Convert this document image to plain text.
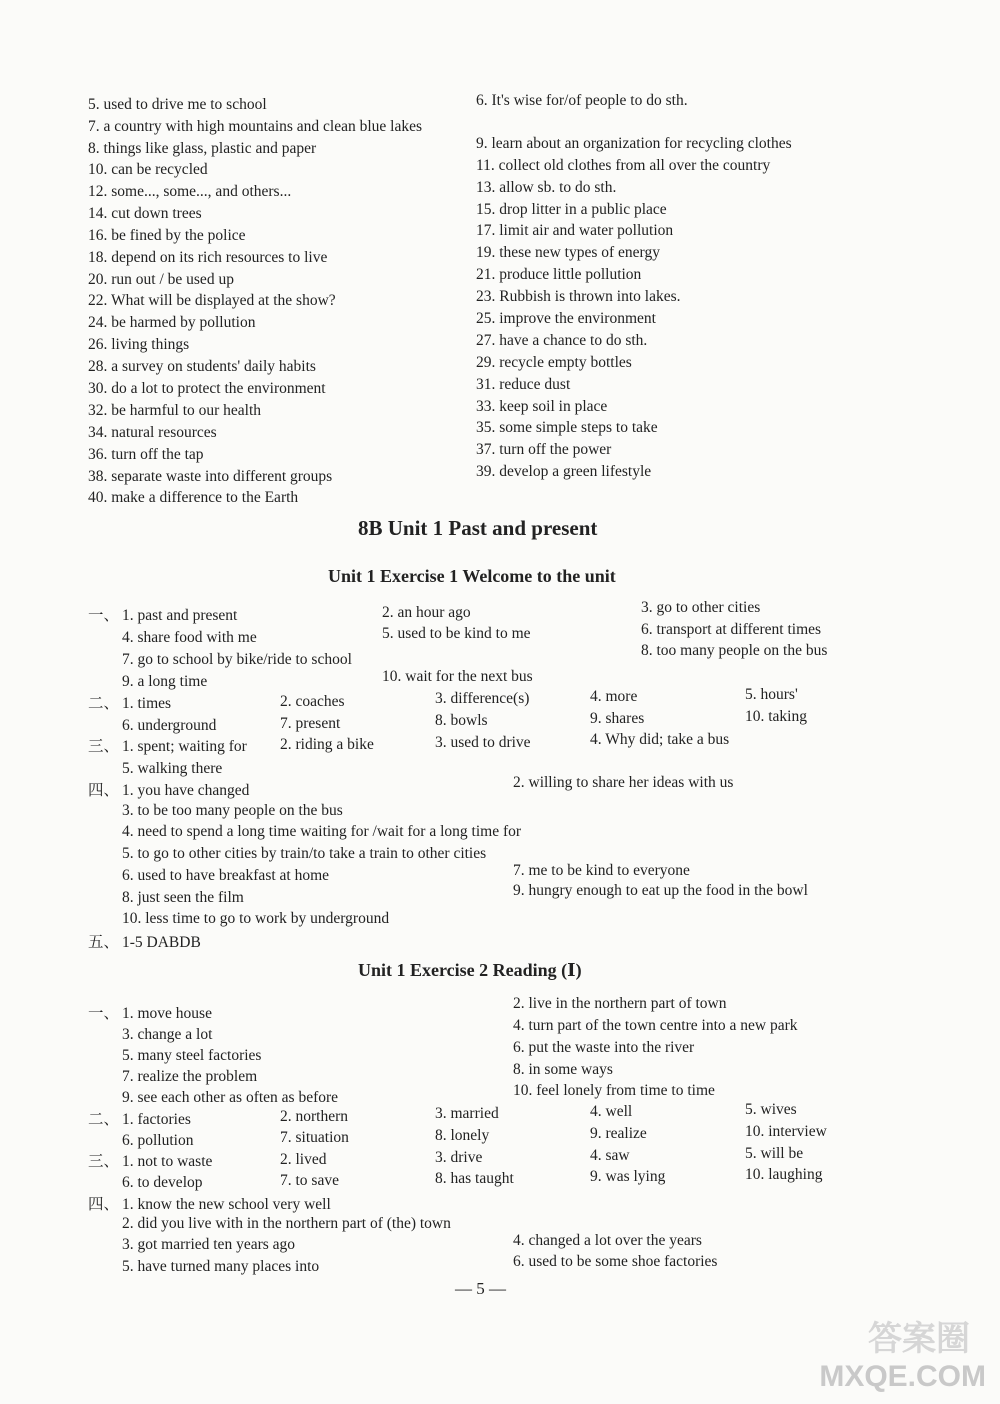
5. used to drive me to school
7. a country with high mountains and clean blue lakes
8. things like glass, plastic and paper
10. can be recycled
12. some..., some..., and others...
14. cut down trees
16. be fined by the police
18. depend on its rich resources to live
20. run out / be used up
22. What will be displayed at the show?
24. be harmed by pollution
26. living things
28. a survey on students' daily habits
30. do a lot to protect the environment
32. be harmful to our health
34. natural resources
36. turn off the tap
38. separate waste into different groups
40. make a difference to the Earth
6. It's wise for/of people to do sth.
9. learn about an organization for recycling clothes
11. collect old clothes from all over the country
13. allow sb. to do sth.
15. drop litter in a public place
17. limit air and water pollution
19. these new types of energy
21. produce little pollution
23. Rubbish is thrown into lakes.
25. improve the environment
27. have a chance to do sth.
29. recycle empty bottles
31. reduce dust
33. keep soil in place
35. some simple steps to take
37. turn off the power
39. develop a green lifestyle
8B Unit 1 Past and present
Unit 1 Exercise 1 Welcome to the unit
一、 1. past and present	2. an hour ago	3. go to other cities
4. share food with me	5. used to be kind to me	6. transport at different times
7. go to school by bike/ride to school
8. too many people on the bus
9. a long time	10. wait for the next bus
二、 1. times	2. coaches	3. difference(s)	4. more	5. hours'
6. underground	7. present	8. bowls	9. shares	10. taking
三、 1. spent; waiting for 2. riding a bike	3. used to drive	4. Why did; take a bus
5. walking there
四、 1. you have changed	2. willing to share her ideas with us
3. to be too many people on the bus
4. need to spend a long time waiting for /wait for a long time for
5. to go to other cities by train/to take a train to other cities
6. used to have breakfast at home	7. me to be kind to everyone
8. just seen the film	9. hungry enough to eat up the food in the bowl
10. less time to go to work by underground
五、 1-5 DABDB
Unit 1 Exercise 2 Reading (Ⅰ)
一、 1. move house
2. live in the northern part of town
3. change a lot
4. turn part of the town centre into a new park
5. many steel factories	6. put the waste into the river
7. realize the problem	8. in some ways
9. see each other as often as before	10. feel lonely from time to time
二、 1. factories	2. northern	3. married	4. well	5. wives
6. pollution	7. situation	8. lonely	9. realize	10. interview
三、 1. not to waste	2. lived	3. drive	4. saw	5. will be
6. to develop	7. to save	8. has taught	9. was lying	10. laughing
四、 1. know the new school very well
2. did you live with in the northern part of (the) town
3. got married ten years ago	4. changed a lot over the years
5. have turned many places into	6. used to be some shoe factories
— 5 —
答案圈
MXQE.COM
